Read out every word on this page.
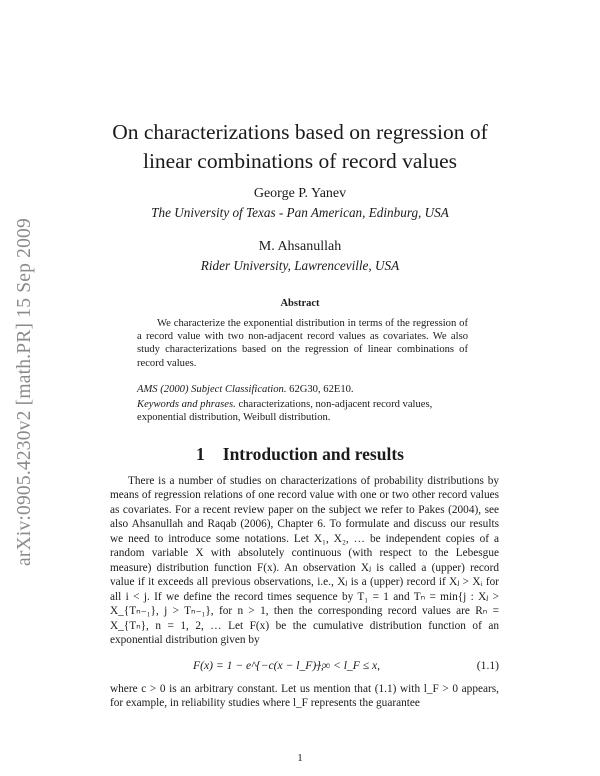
arXiv:0905.4230v2 [math.PR] 15 Sep 2009
On characterizations based on regression of
linear combinations of record values
George P. Yanev
The University of Texas - Pan American, Edinburg, USA
M. Ahsanullah
Rider University, Lawrenceville, USA
Abstract

We characterize the exponential distribution in terms of the regression of a record value with two non-adjacent record values as covariates. We also study characterizations based on the regression of linear combinations of record values.

AMS (2000) Subject Classification. 62G30, 62E10.

Keywords and phrases. characterizations, non-adjacent record values, exponential distribution, Weibull distribution.

1 Introduction and results

There is a number of studies on characterizations of probability distributions by means of regression relations of one record value with one or two other record values as covariates. For a recent review paper on the subject we refer to Pakes (2004), see also Ahsanullah and Raqab (2006), Chapter 6. To formulate and discuss our results we need to introduce some notations. Let X₁, X₂, … be independent copies of a random variable X with absolutely continuous (with respect to the Lebesgue measure) distribution function F(x). An observation Xⱼ is called a (upper) record value if it exceeds all previous observations, i.e., Xⱼ is a (upper) record if Xⱼ > Xᵢ for all i < j. If we define the record times sequence by T₁ = 1 and Tₙ = min{j : Xⱼ > X_{Tₙ₋₁}, j > Tₙ₋₁}, for n > 1, then the corresponding record values are Rₙ = X_{Tₙ}, n = 1, 2, … Let F(x) be the cumulative distribution function of an exponential distribution given by

F(x) = 1 − e^{−c(x − l_F)},
−∞ < l_F ≤ x,	(1.1)

where c > 0 is an arbitrary constant. Let us mention that (1.1) with l_F > 0 appears, for example, in reliability studies where l_F represents the guarantee

1
